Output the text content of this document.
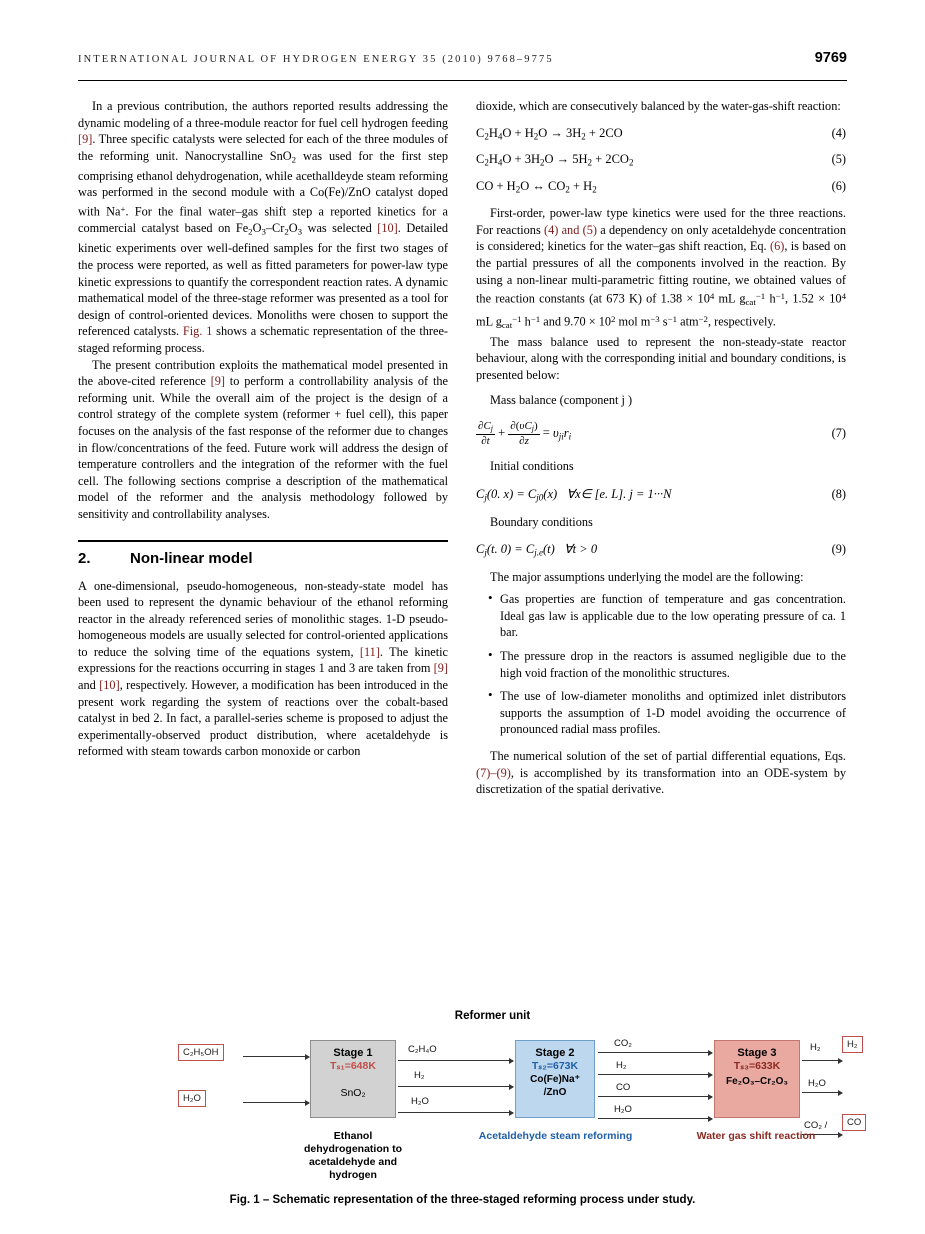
INTERNATIONAL JOURNAL OF HYDROGEN ENERGY 35 (2010) 9768–9775	9769

In a previous contribution, the authors reported results addressing the dynamic modeling of a three-module reactor for fuel cell hydrogen feeding [9]. Three specific catalysts were selected for each of the three modules of the reforming unit. Nanocrystalline SnO$_2$ was used for the first step comprising ethanol dehydrogenation, while acethalldeyde steam reforming was performed in the second module with a Co(Fe)/ZnO catalyst doped with Na+. For the final water–gas shift step a reported kinetics for a commercial catalyst based on $Fe_2O_3-Cr_2O_3$ was selected [10]. Detailed kinetic experiments over well-defined samples for the first two stages of the process were reported, as well as fitted parameters for power-law type kinetic expressions to quantify the correspondent reaction rates. A dynamic mathematical model of the three-stage reformer was presented as a tool for design of control-oriented devices. Monoliths were chosen to support the referenced catalysts. Fig. 1 shows a schematic representation of the three-staged reforming process.

The present contribution exploits the mathematical model presented in the above-cited reference [9] to perform a controllability analysis of the reforming unit. While the overall aim of the project is the design of a control strategy of the complete system (reformer + fuel cell), this paper focuses on the analysis of the fast response of the reformer due to changes in flow/concentrations of the feed. Future work will address the design of temperature controllers and the integration of the reformer with the fuel cell. The following sections comprise a description of the mathematical model of the reformer and the analysis methodology followed by sensitivity and controllability analyses.

2.	Non-linear model

A one-dimensional, pseudo-homogeneous, non-steady-state model has been used to represent the dynamic behaviour of the ethanol reforming reactor in the already referenced series of monolithic stages. 1-D pseudo-homogeneous models are usually selected for control-oriented applications to reduce the solving time of the equations system, [11]. The kinetic expressions for the reactions occurring in stages 1 and 3 are taken from [9] and [10], respectively. However, a modification has been introduced in the present work regarding the system of reactions over the cobalt-based catalyst in bed 2. In fact, a parallel-series scheme is proposed to adjust the experimentally-observed product distribution, where acetaldehyde is reformed with steam towards carbon monoxide or carbon

dioxide, which are consecutively balanced by the water-gas-shift reaction:

$C_2H_4O + H_2O \to 3H_2 + 2CO$	(4)
$C_2H_4O + 3H_2O \to 5H_2 + 2CO_2$	(5)
CO + $H_2O$ ↔ $CO_2 + H_2$	(6)

First-order, power-law type kinetics were used for the three reactions. For reactions (4) and (5) a dependency on only acetaldehyde concentration is considered; kinetics for the water–gas shift reaction, Eq. (6), is based on the partial pressures of all the components involved in the reaction. By using a non-linear multi-parametric fitting routine, we obtained values of the reaction constants (at 673 K) of $1.38 \times 10^4$ mL $g_{cat}^{-1}$ $h^{-1}$, $1.52 \times 10^4$ mL $g_{cat}^{-1}$ $h^{-1}$ and $9.70 \times 10^2$ mol $m^{-3}$ $s^{-1}$ atm$^{-2}$, respectively.

The mass balance used to represent the non-steady-state reactor behaviour, along with the corresponding initial and boundary conditions, is presented below:

Mass balance (component j )
$\frac{\partial C_j}{\partial t} + \frac{\partial(\upsilon C_j)}{\partial z} = \upsilon_{ji}r_i$	(7)
Initial conditions
$C_j(0$. $x) = C_{j0}(x)$   ∀x∈ [e. L]. j = 1···N	(8)
Boundary conditions
$C_j(t$. $0) = C_{j.e}(t)$   ∀t > 0	(9)

The major assumptions underlying the model are the following:

• Gas properties are function of temperature and gas concentration. Ideal gas law is applicable due to the low operating pressure of ca. 1 bar.
• The pressure drop in the reactors is assumed negligible due to the high void fraction of the monolithic structures.
• The use of low-diameter monoliths and optimized inlet distributors supports the assumption of 1-D model avoiding the occurrence of pronounced radial mass profiles.

The numerical solution of the set of partial differential equations, Eqs. (7)–(9), is accomplished by its transformation into an ODE-system by discretization of the spatial derivative.

Reformer unit
C₂H₅OH
H₂O
Stage 1
Tₛ₁=648K
SnO₂
C₂H₄O
H₂
H₂O
Stage 2
Tₛ₂=673K
Co(Fe)Na⁺
/ZnO
CO₂
H₂
CO
H₂O
Stage 3
Tₛ₃=633K
Fe₂O₃–Cr₂O₃
H₂
H₂O
CO₂ /
H₂
CO
Ethanol dehydrogenation to acetaldehyde and hydrogen
Acetaldehyde steam reforming	Water gas shift reaction
Fig. 1 – Schematic representation of the three-staged reforming process under study.
